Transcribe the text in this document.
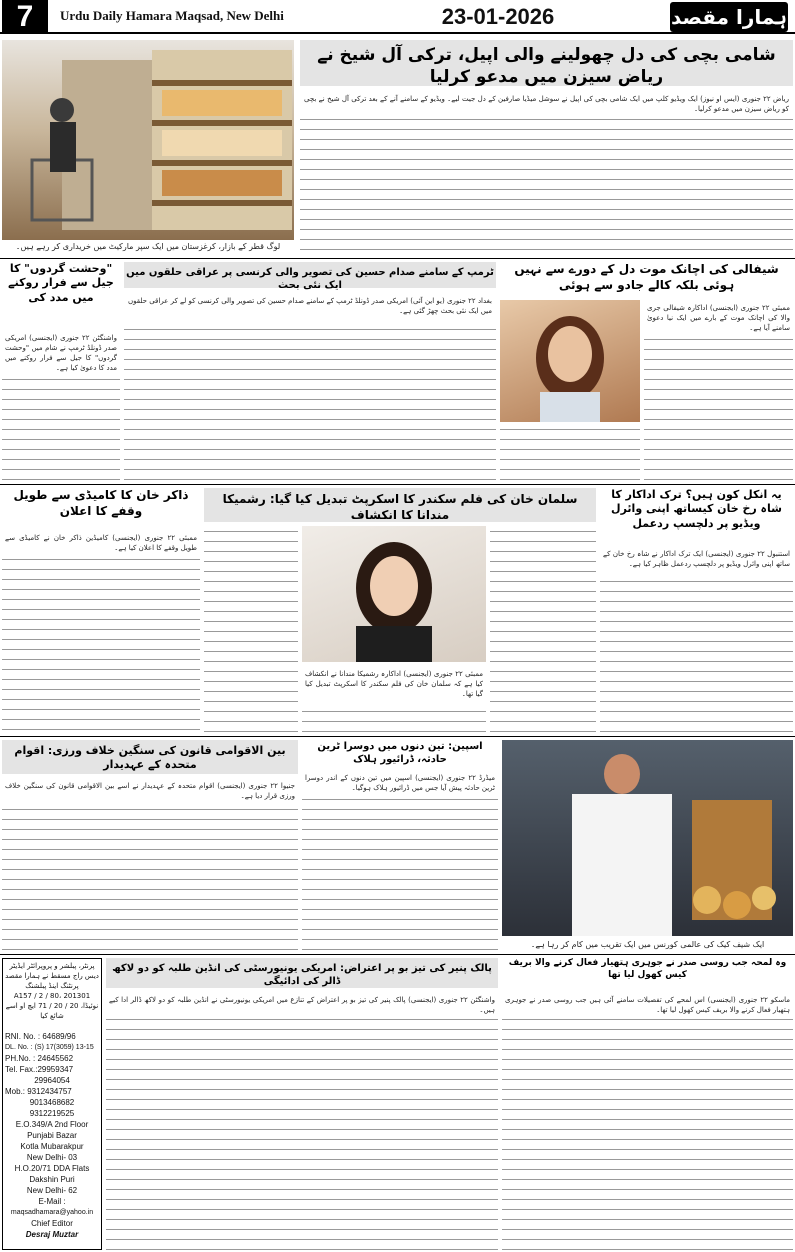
7	Urdu Daily Hamara Maqsad, New Delhi	23-01-2026	ہمارا مقصد
لوگ قطر کے بازار، کرغزستان میں ایک سپر مارکیٹ میں خریداری کر رہے ہیں۔
شامی بچی کی دل چھولینے والی اپیل، ترکی آل شیخ نے ریاض سیزن میں مدعو کرلیا
ریاض ۲۲ جنوری (ایس او نیوز) ایک ویڈیو کلپ میں ایک شامی بچی کی اپیل نے سوشل میڈیا صارفین کے دل جیت لیے۔ ویڈیو کے سامنے آنے کے بعد ترکی آل شیخ نے بچی کو ریاض سیزن میں مدعو کرلیا۔
"وحشت گردوں" کا جیل سے فرار روکنے میں مدد کی
واشنگٹن ۲۲ جنوری (ایجنسی) امریکی صدر ڈونلڈ ٹرمپ نے شام میں "وحشت گردوں" کا جیل سے فرار روکنے میں مدد کا دعویٰ کیا ہے۔
ٹرمپ کے سامنے صدام حسین کی تصویر والی کرنسی پر عراقی حلقوں میں ایک نئی بحث
بغداد ۲۲ جنوری (یو این آئی) امریکی صدر ڈونلڈ ٹرمپ کے سامنے صدام حسین کی تصویر والی کرنسی کو لے کر عراقی حلقوں میں ایک نئی بحث چھڑ گئی ہے۔
شیفالی کی اچانک موت دل کے دورے سے نہیں ہوئی بلکہ کالے جادو سے ہوئی
ممبئی ۲۲ جنوری (ایجنسی) اداکارہ شیفالی جری والا کی اچانک موت کے بارے میں ایک نیا دعویٰ سامنے آیا ہے۔
ذاکر خان کا کامیڈی سے طویل وقفے کا اعلان
ممبئی ۲۲ جنوری (ایجنسی) کامیڈین ذاکر خان نے کامیڈی سے طویل وقفے کا اعلان کیا ہے۔
سلمان خان کی فلم سکندر کا اسکرپٹ تبدیل کیا گیا: رشمیکا مندانا کا انکشاف
ممبئی ۲۲ جنوری (ایجنسی) اداکارہ رشمیکا مندانا نے انکشاف کیا ہے کہ سلمان خان کی فلم سکندر کا اسکرپٹ تبدیل کیا گیا تھا۔
یہ انکل کون ہیں؟ ترک اداکار کا شاہ رخ خان کیساتھ اپنی وائرل ویڈیو پر دلچسپ ردعمل
استنبول ۲۲ جنوری (ایجنسی) ایک ترک اداکار نے شاہ رخ خان کے ساتھ اپنی وائرل ویڈیو پر دلچسپ ردعمل ظاہر کیا ہے۔
بین الاقوامی قانون کی سنگین خلاف ورزی: اقوام متحدہ کے عہدیدار
جنیوا ۲۲ جنوری (ایجنسی) اقوام متحدہ کے عہدیدار نے اسے بین الاقوامی قانون کی سنگین خلاف ورزی قرار دیا ہے۔
اسپین: تین دنوں میں دوسرا ٹرین حادثہ، ڈرائیور ہلاک
میڈرڈ ۲۲ جنوری (ایجنسی) اسپین میں تین دنوں کے اندر دوسرا ٹرین حادثہ پیش آیا جس میں ڈرائیور ہلاک ہوگیا۔
ایک شیف کیک کی عالمی کورنس میں ایک تقریب میں کام کر رہا ہے۔
پرنٹر، پبلشر و پروپرائٹر ایڈیٹر دیس راج مسقط نے ہمارا مقصد پرنٹنگ اینڈ پبلشنگ
A157 / 2 / 80، 201301 نوئیڈا، 20 / 20 / 71 ایچ او اسے شائع کیا
RNI. No. : 64689/96
DL. No. : (S) 17(3059) 13-15
PH.No. : 24645562
Tel. Fax.:29959347
29964054
Mob.: 9312434757
9013468682
9312219525
E.O.349/A 2nd Floor
Punjabi Bazar
Kotla Mubarakpur
New Delhi- 03
H.O.20/71 DDA Flats
Dakshin Puri
New Delhi- 62
E-Mail :
maqsadhamara@yahoo.in
Chief Editor
Desraj Muztar
پالک پنیر کی تیز بو پر اعتراض: امریکی یونیورسٹی کی انڈین طلبہ کو دو لاکھ ڈالر کی ادائیگی
واشنگٹن ۲۲ جنوری (ایجنسی) پالک پنیر کی تیز بو پر اعتراض کے تنازع میں امریکی یونیورسٹی نے انڈین طلبہ کو دو لاکھ ڈالر ادا کیے ہیں۔
وہ لمحہ جب روسی صدر نے جوہری ہتھیار فعال کرنے والا بریف کیس کھول لیا تھا
ماسکو ۲۲ جنوری (ایجنسی) اس لمحے کی تفصیلات سامنے آئی ہیں جب روسی صدر نے جوہری ہتھیار فعال کرنے والا بریف کیس کھول لیا تھا۔
